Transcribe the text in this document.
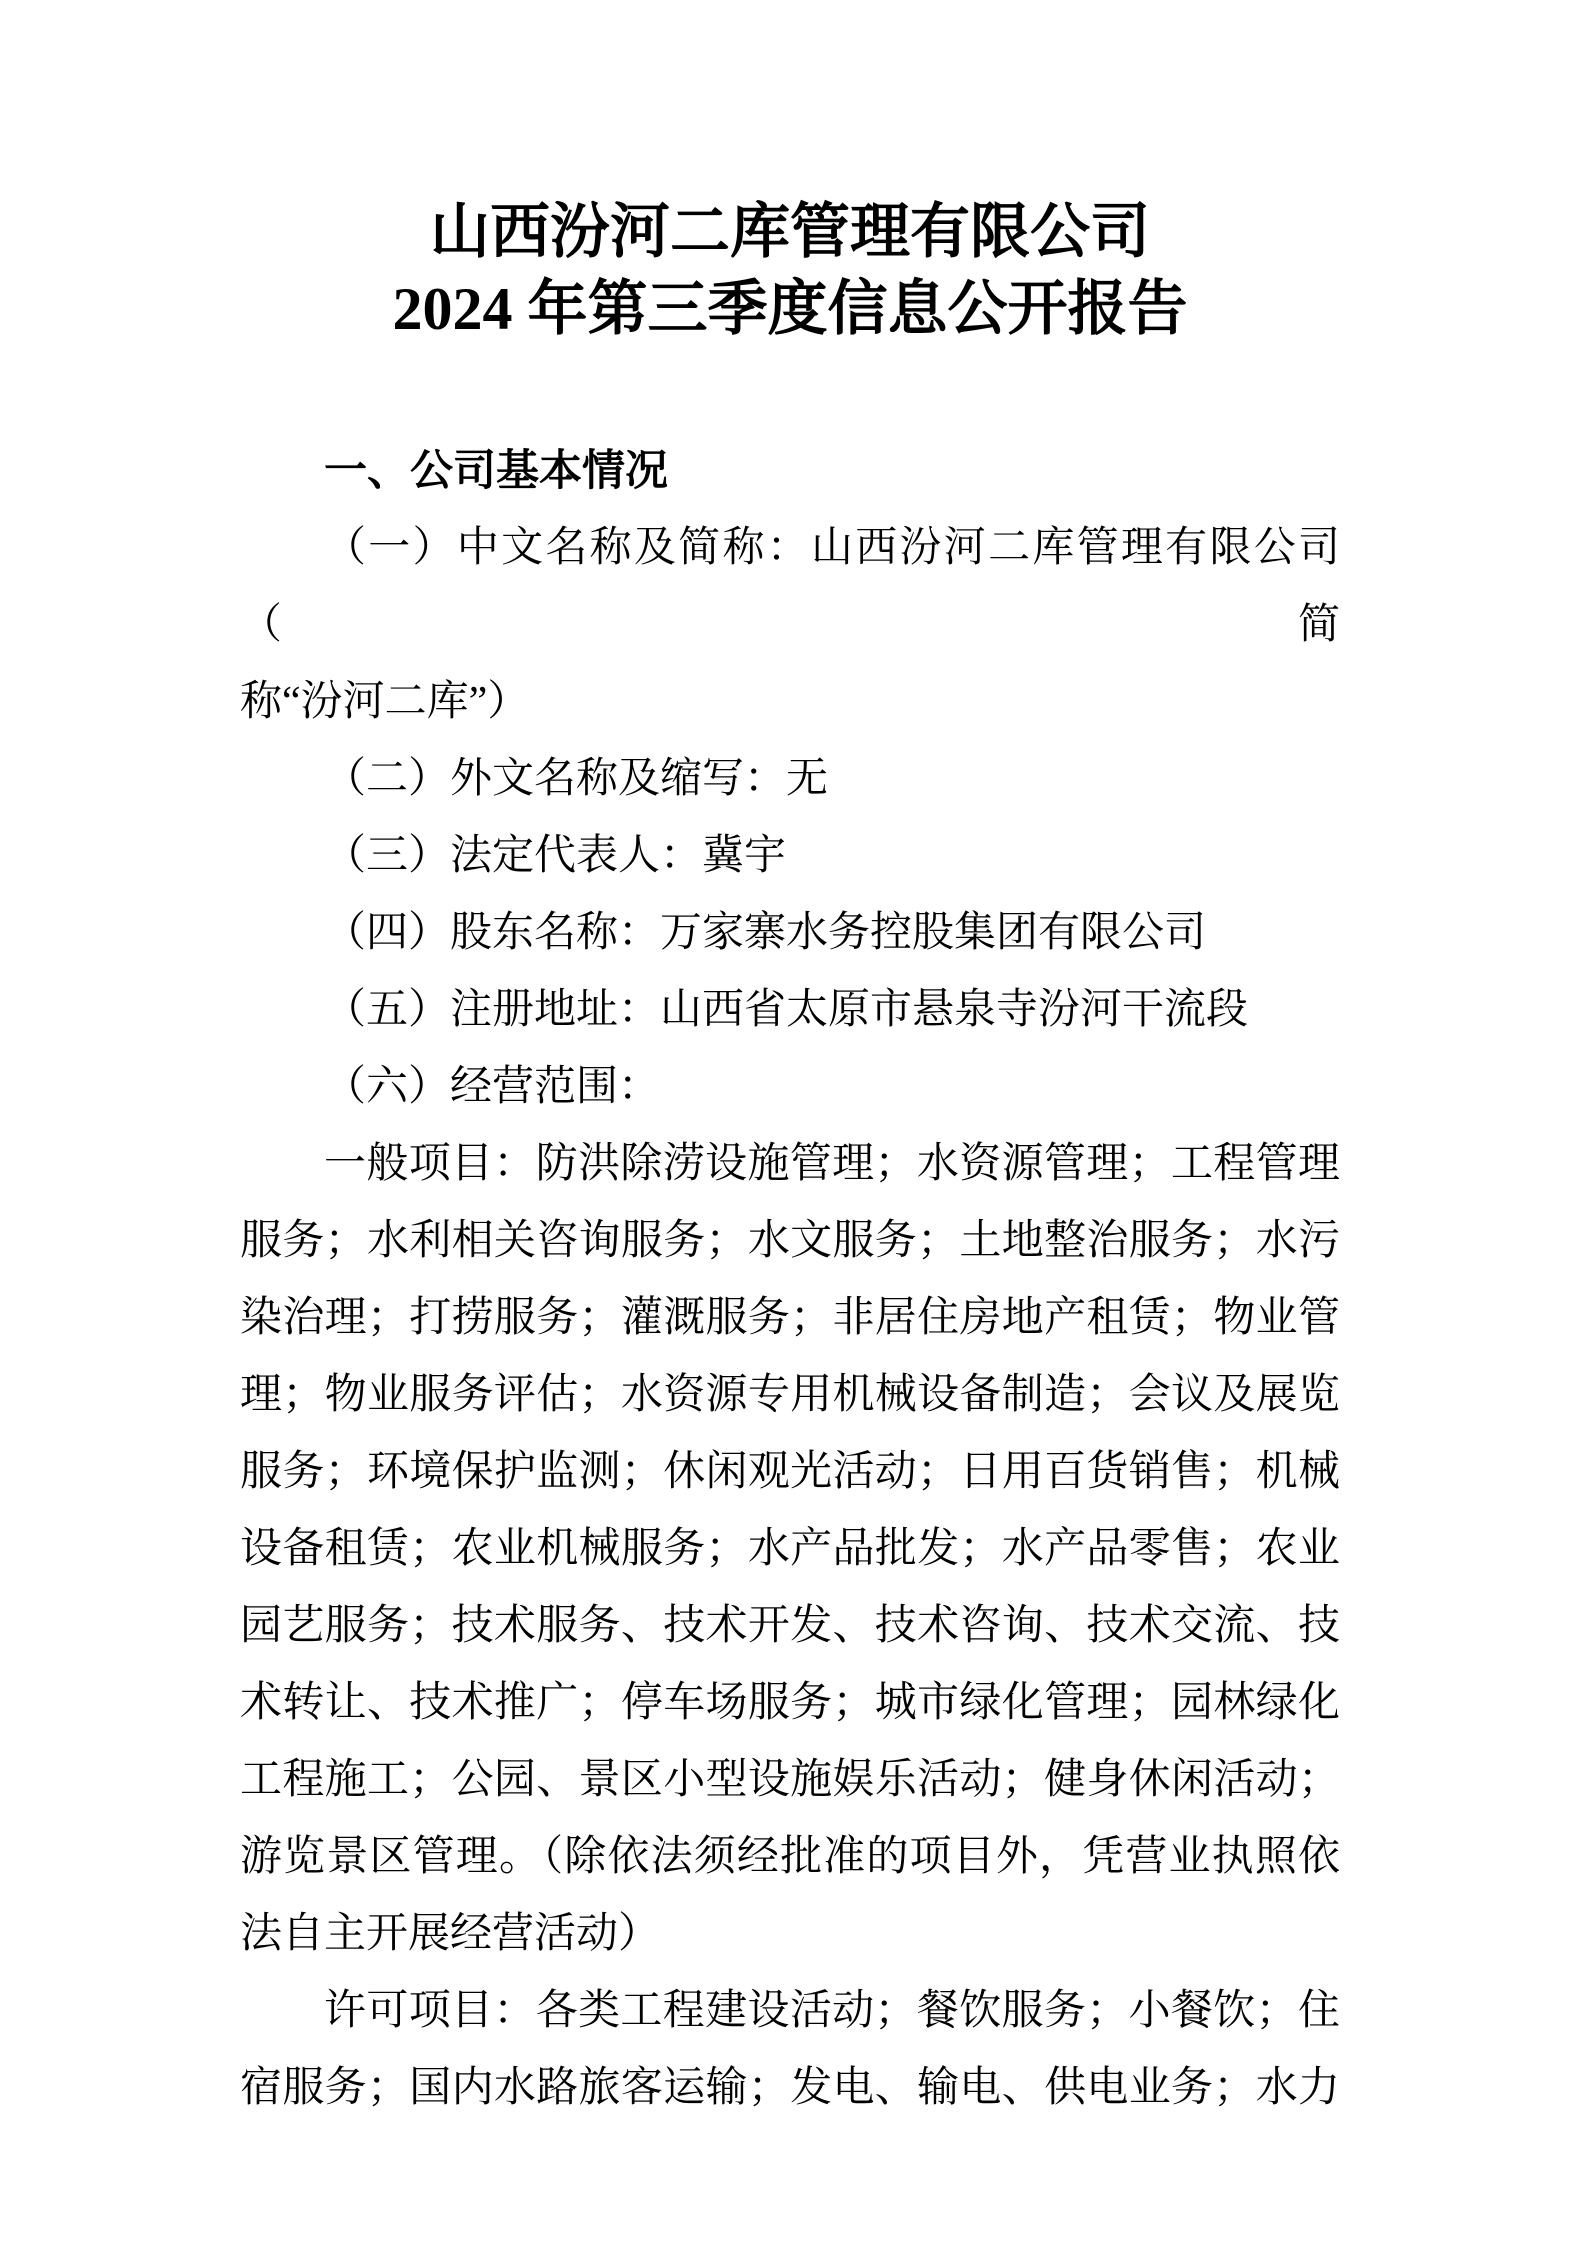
山西汾河二库管理有限公司
2024 年第三季度信息公开报告
一、公司基本情况
（一）中文名称及简称：山西汾河二库管理有限公司（简
称“汾河二库”）
（二）外文名称及缩写：无
（三）法定代表人：冀宇
（四）股东名称：万家寨水务控股集团有限公司
（五）注册地址：山西省太原市悬泉寺汾河干流段
（六）经营范围：
一般项目：防洪除涝设施管理；水资源管理；工程管理
服务；水利相关咨询服务；水文服务；土地整治服务；水污
染治理；打捞服务；灌溉服务；非居住房地产租赁；物业管
理；物业服务评估；水资源专用机械设备制造；会议及展览
服务；环境保护监测；休闲观光活动；日用百货销售；机械
设备租赁；农业机械服务；水产品批发；水产品零售；农业
园艺服务；技术服务、技术开发、技术咨询、技术交流、技
术转让、技术推广；停车场服务；城市绿化管理；园林绿化
工程施工；公园、景区小型设施娱乐活动；健身休闲活动；
游览景区管理。（除依法须经批准的项目外，凭营业执照依
法自主开展经营活动）
许可项目：各类工程建设活动；餐饮服务；小餐饮；住
宿服务；国内水路旅客运输；发电、输电、供电业务；水力
